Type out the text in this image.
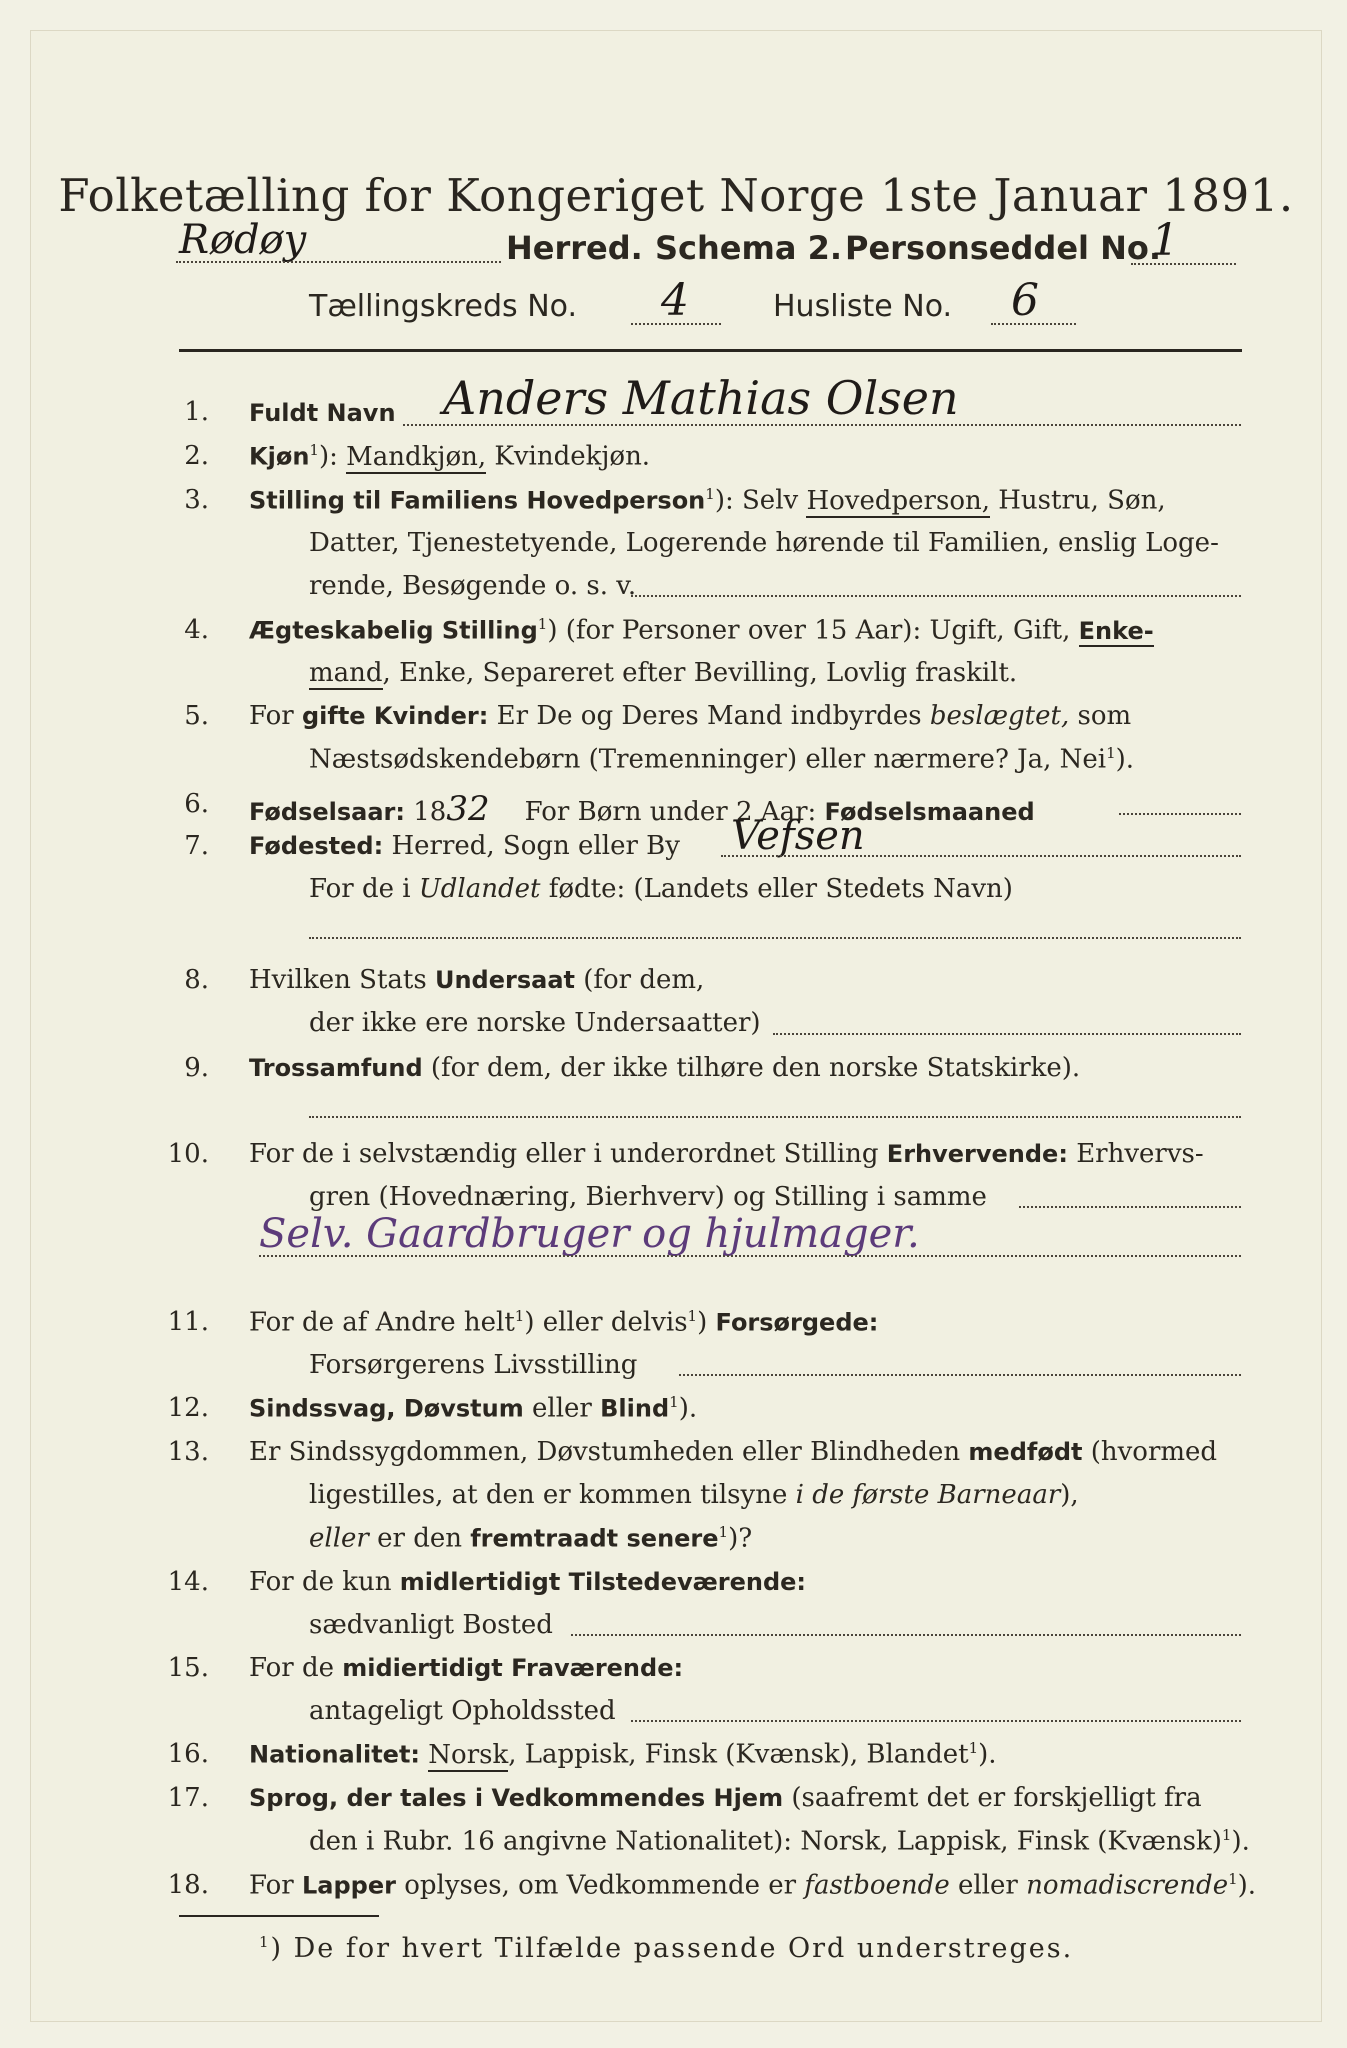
Folketælling for Kongeriget Norge 1ste Januar 1891.
Rødøy	Herred. Schema 2. Personseddel No.
1
Tællingskreds No. 4	Husliste No. 6
1. Fuldt Navn Anders Mathias Olsen
2. Kjøn$^1$): Mandkjøn, Kvindekjøn.
3. Stilling til Familiens Hovedperson$^1$): Selv Hovedperson, Hustru, Søn,
Datter, Tjenestetyende, Logerende hørende til Familien, enslig Loge-
rende, Besøgende o. s. v.
4. Ægteskabelig Stilling$^1$) (for Personer over 15 Aar): Ugift, Gift, Enke-
mand, Enke, Separeret efter Bevilling, Lovlig fraskilt.
5. For gifte Kvinder: Er De og Deres Mand indbyrdes beslægtet, som
Næstsødskendebørn (Tremenninger) eller nærmere? Ja, Nei$^1$).
6. Fødselsaar: 1832 For Børn under 2 Aar: Fødselsmaaned
7. Fødested: Herred, Sogn eller By Vefsen
For de i Udlandet fødte: (Landets eller Stedets Navn)
8. Hvilken Stats Undersaat (for dem,
der ikke ere norske Undersaatter)
9. Trossamfund (for dem, der ikke tilhøre den norske Statskirke).
10. For de i selvstændig eller i underordnet Stilling Erhvervende: Erhvervs-
gren (Hovednæring, Bierhverv) og Stilling i samme
Selv. Gaardbruger og hjulmager.
11. For de af Andre helt$^1$) eller delvis$^1$) Forsørgede:
Forsørgerens Livsstilling
12. Sindssvag, Døvstum eller Blind$^1$).
13. Er Sindssygdommen, Døvstumheden eller Blindheden medfødt (hvormed
ligestilles, at den er kommen tilsyne i de første Barneaar),
eller er den fremtraadt senere$^1$)?
14. For de kun midlertidigt Tilstedeværende:
sædvanligt Bosted
15. For de midiertidigt Fraværende:
antageligt Opholdssted
16. Nationalitet: Norsk, Lappisk, Finsk (Kvænsk), Blandet$^1$).
17. Sprog, der tales i Vedkommendes Hjem (saafremt det er forskjelligt fra
den i Rubr. 16 angivne Nationalitet): Norsk, Lappisk, Finsk (Kvænsk)$^1$).
18. For Lapper oplyses, om Vedkommende er fastboende eller nomadiscrende$^1$).
$^1$) De for hvert Tilfælde passende Ord understreges.
